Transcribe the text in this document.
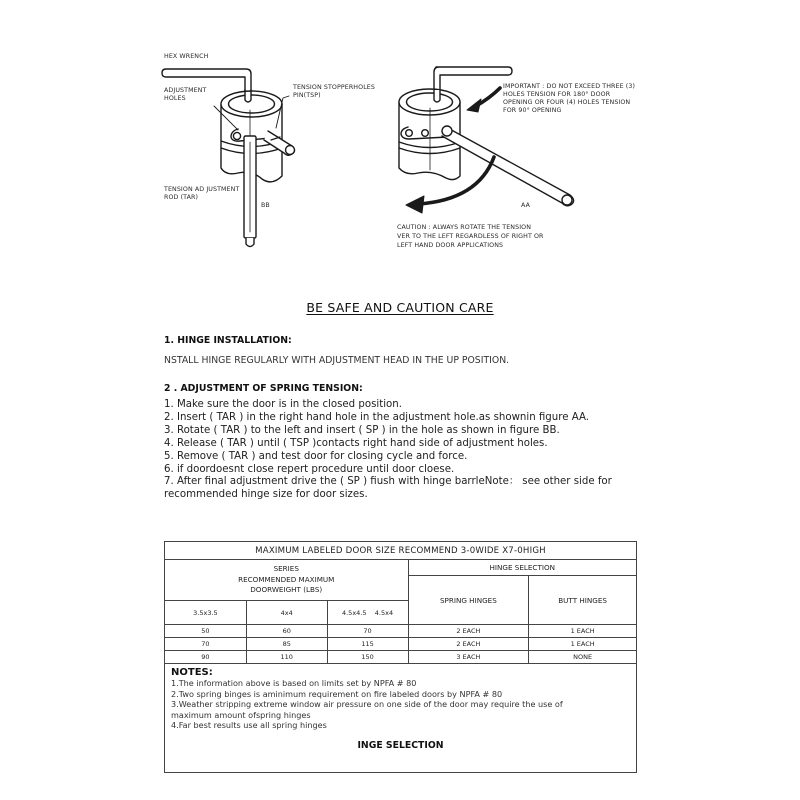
HEX WRENCH
ADJUSTMENT
HOLES
TENSION STOPPERHOLES
PIN(TSP)
TENSION AD JUSTMENT
ROD (TAR)
BB
IMPORTANT : DO NOT EXCEED THREE (3)
HOLES TENSION FOR 180° DOOR
OPENING OR FOUR (4) HOLES TENSION
FOR 90° OPENING
AA
CAUTION : ALWAYS ROTATE THE TENSION
VER TO THE LEFT REGARDLESS OF RIGHT OR
LEFT HAND DOOR APPLICATIONS
BE SAFE AND CAUTION CARE
1. HINGE INSTALLATION:
NSTALL HINGE REGULARLY WITH ADJUSTMENT HEAD IN THE UP POSITION.
2 . ADJUSTMENT OF SPRING TENSION:
1. Make sure the door is in the closed position.
2. Insert ( TAR ) in the right hand hole in the adjustment hole.as shownin figure AA.
3. Rotate ( TAR ) to the left and insert ( SP ) in the hole as shown in figure BB.
4. Release ( TAR ) until ( TSP )contacts right hand side of adjustment holes.
5. Remove ( TAR ) and test door for closing cycle and force.
6. if doordoesnt close repert procedure until door cloese.
7. After final adjustment drive the ( SP ) fiush with hinge barrleNote： see other side for
recommended hinge size for door sizes.
MAXIMUM LABELED DOOR SIZE RECOMMEND 3-0WIDE X7-0HIGH				

SERIES
RECOMMENDED MAXIMUM
DOORWEIGHT (LBS)			HINGE SELECTION	
			SPRING HINGES	BUTT HINGES
3.5x3.5	4x4	4.5x4.5    4.5x4		
50	60	70	2 EACH	1 EACH
70	85	115	2 EACH	1 EACH
90	110	150	3 EACH	NONE

NOTES:
1.The information above is based on limits set by NPFA # 80
2.Two spring binges is aminimum requirement on fire labeled doors by NPFA # 80
3.Weather stripping extreme window air pressure on one side of the door may require the use of
maximum amount ofspring hinges
4.Far best results use all spring hinges
INGE SELECTION
